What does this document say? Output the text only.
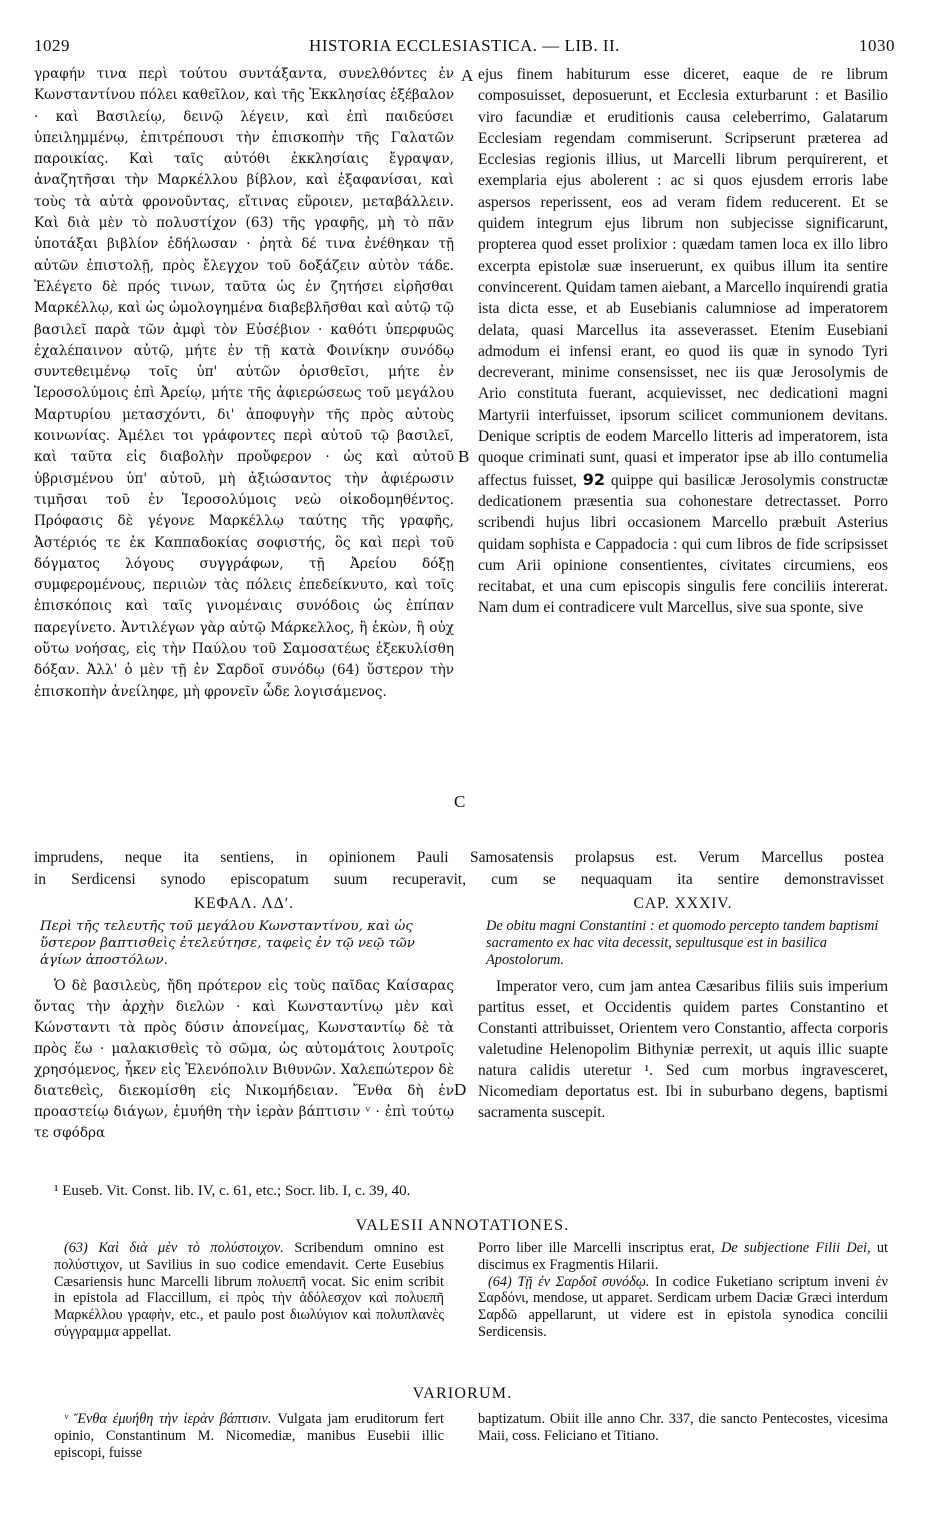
1029	HISTORIA ECCLESIASTICA. — LIB. II.	1030

γραφήν τινα περὶ τούτου συντάξαντα, συνελθόντες ἐν Κωνσταντίνου πόλει καθεῖλον, καὶ τῆς Ἐκκλησίας ἐξέβαλον · καὶ Βασιλείῳ, δεινῷ λέγειν, καὶ ἐπὶ παιδεύσει ὑπειλημμένῳ, ἐπιτρέπουσι τὴν ἐπισκοπὴν τῆς Γαλατῶν παροικίας. Καὶ ταῖς αὐτόθι ἐκκλησίαις ἔγραψαν, ἀναζητῆσαι τὴν Μαρκέλλου βίβλον, καὶ ἐξαφανίσαι, καὶ τοὺς τὰ αὐτὰ φρονοῦντας, εἴτινας εὕροιεν, μεταβάλλειν. Καὶ διὰ μὲν τὸ πολυστίχον (63) τῆς γραφῆς, μὴ τὸ πᾶν ὑποτάξαι βιβλίον ἐδήλωσαν · ῥητὰ δέ τινα ἐνέθηκαν τῇ αὐτῶν ἐπιστολῇ, πρὸς ἔλεγχον τοῦ δοξάζειν αὐτὸν τάδε. Ἐλέγετο δὲ πρός τινων, ταῦτα ὡς ἐν ζητήσει εἰρῆσθαι Μαρκέλλῳ, καὶ ὡς ὡμολογημένα διαβεβλῆσθαι καὶ αὐτῷ τῷ βασιλεῖ παρὰ τῶν ἀμφὶ τὸν Εὐσέβιον · καθότι ὑπερφυῶς ἐχαλέπαινον αὐτῷ, μήτε ἐν τῇ κατὰ Φοινίκην συνόδῳ συντεθειμένῳ τοῖς ὑπ' αὐτῶν ὁρισθεῖσι, μήτε ἐν Ἱεροσολύμοις ἐπὶ Ἀρείῳ, μήτε τῆς ἀφιερώσεως τοῦ μεγάλου Μαρτυρίου μετασχόντι, δι' ἀποφυγὴν τῆς πρὸς αὐτοὺς κοινωνίας. Ἀμέλει τοι γράφοντες περὶ αὐτοῦ τῷ βασιλεῖ, καὶ ταῦτα εἰς διαβολὴν προὔφερον · ὡς καὶ αὐτοῦ ὑβρισμένου ὑπ' αὐτοῦ, μὴ ἀξιώσαντος τὴν ἀφιέρωσιν τιμῆσαι τοῦ ἐν Ἱεροσολύμοις νεὼ οἰκοδομηθέντος. Πρόφασις δὲ γέγονε Μαρκέλλῳ ταύτης τῆς γραφῆς, Ἀστέριός τε ἐκ Καππαδοκίας σοφιστής, ὃς καὶ περὶ τοῦ δόγματος λόγους συγγράφων, τῇ Ἀρείου δόξῃ συμφερομένους, περιιὼν τὰς πόλεις ἐπεδείκνυτο, καὶ τοῖς ἐπισκόποις καὶ ταῖς γινομέναις συνόδοις ὡς ἐπίπαν παρεγίνετο. Ἀντιλέγων γὰρ αὐτῷ Μάρκελλος, ἢ ἑκὼν, ἢ οὐχ οὕτω νοήσας, εἰς τὴν Παύλου τοῦ Σαμοσατέως ἐξεκυλίσθη δόξαν. Ἀλλ' ὁ μὲν τῇ ἐν Σαρδοῖ συνόδῳ (64) ὕστερον τὴν ἐπισκοπὴν ἀνείληφε, μὴ φρονεῖν ὧδε λογισάμενος.

A
B
C
D

ejus finem habiturum esse diceret, eaque de re librum composuisset, deposuerunt, et Ecclesia exturbarunt : et Basilio viro facundiæ et eruditionis causa celeberrimo, Galatarum Ecclesiam regendam commiserunt. Scripserunt præterea ad Ecclesias regionis illius, ut Marcelli librum perquirerent, et exemplaria ejus abolerent : ac si quos ejusdem erroris labe aspersos reperissent, eos ad veram fidem reducerent. Et se quidem integrum ejus librum non subjecisse significarunt, propterea quod esset prolixior : quædam tamen loca ex illo libro excerpta epistolæ suæ inseruerunt, ex quibus illum ita sentire convincerent. Quidam tamen aiebant, a Marcello inquirendi gratia ista dicta esse, et ab Eusebianis calumniose ad imperatorem delata, quasi Marcellus ita asseverasset. Etenim Eusebiani admodum ei infensi erant, eo quod iis quæ in synodo Tyri decreverant, minime consensisset, nec iis quæ Jerosolymis de Ario constituta fuerant, acquievisset, nec dedicationi magni Martyrii interfuisset, ipsorum scilicet communionem devitans. Denique scriptis de eodem Marcello litteris ad imperatorem, ista quoque criminati sunt, quasi et imperator ipse ab illo contumelia affectus fuisset, 92 quippe qui basilicæ Jerosolymis constructæ dedicationem præsentia sua cohonestare detrectasset. Porro scribendi hujus libri occasionem Marcello præbuit Asterius quidam sophista e Cappadocia : qui cum libros de fide scripsisset cum Arii opinione consentientes, civitates circumiens, eos recitabat, et una cum episcopis singulis fere conciliis intererat. Nam dum ei contradicere vult Marcellus, sive sua sponte, sive

imprudens, neque ita sentiens, in opinionem Pauli Samosatensis prolapsus est. Verum Marcellus postea
in Serdicensi synodo episcopatum suum recuperavit, cum se nequaquam ita sentire demonstravisset
ΚΕΦΑΛ. ΛΔʹ.	CAP. XXXIV.
Περὶ τῆς τελευτῆς τοῦ μεγάλου Κωνσταντίνου, καὶ ὡς ὕστερον βαπτισθεὶς ἐτελεύτησε, ταφεὶς ἐν τῷ νεῷ τῶν ἁγίων ἀποστόλων.
De obitu magni Constantini : et quomodo percepto tandem baptismi sacramento ex hac vita decessit, sepultusque est in basilica Apostolorum.

Ὁ δὲ βασιλεὺς, ἤδη πρότερον εἰς τοὺς παῖδας Καίσαρας ὄντας τὴν ἀρχὴν διελὼν · καὶ Κωνσταντίνῳ μὲν καὶ Κώνσταντι τὰ πρὸς δύσιν ἀπονείμας, Κωνσταντίῳ δὲ τὰ πρὸς ἕω · μαλακισθεὶς τὸ σῶμα, ὡς αὐτομάτοις λουτροῖς χρησόμενος, ἧκεν εἰς Ἑλενόπολιν Βιθυνῶν. Χαλεπώτερον δὲ διατεθεὶς, διεκομίσθη εἰς Νικομήδειαν. Ἔνθα δὴ ἐν προαστείῳ διάγων, ἐμυήθη τὴν ἱερὰν βάπτισιν ᵛ · ἐπὶ τούτῳ τε σφόδρα

Imperator vero, cum jam antea Cæsaribus filiis suis imperium partitus esset, et Occidentis quidem partes Constantino et Constanti attribuisset, Orientem vero Constantio, affecta corporis valetudine Helenopolim Bithyniæ perrexit, ut aquis illic suapte natura calidis uteretur ¹. Sed cum morbus ingravesceret, Nicomediam deportatus est. Ibi in suburbano degens, baptismi sacramenta suscepit.

¹ Euseb. Vit. Const. lib. IV, c. 61, etc.; Socr. lib. I, c. 39, 40.
VALESII ANNOTATIONES.

(63) Καὶ διὰ μὲν τὸ πολύστοιχον. Scribendum omnino est πολύστιχον, ut Savilius in suo codice emendavit. Certe Eusebius Cæsariensis hunc Marcelli librum πολυεπῆ vocat. Sic enim scribit in epistola ad Flaccillum, εἰ πρὸς τὴν ἀδόλεσχον καὶ πολυεπῆ Μαρκέλλου γραφὴν, etc., et paulo post διωλύγιον καὶ πολυπλανὲς σύγγραμμα appellat.

Porro liber ille Marcelli inscriptus erat, De subjectione Filii Dei, ut discimus ex Fragmentis Hilarii.

(64) Τῇ ἐν Σαρδοῖ συνόδῳ. In codice Fuketiano scriptum inveni ἐν Σαρδόνι, mendose, ut apparet. Serdicam urbem Daciæ Græci interdum Σαρδῶ appellarunt, ut videre est in epistola synodica concilii Serdicensis.

VARIORUM.

ᵛ Ἔνθα ἐμυήθη τὴν ἱερὰν βάπτισιν. Vulgata jam eruditorum fert opinio, Constantinum M. Nicomediæ, manibus Eusebii illic episcopi, fuisse

baptizatum. Obiit ille anno Chr. 337, die sancto Pentecostes, vicesima Maii, coss. Feliciano et Titiano.
